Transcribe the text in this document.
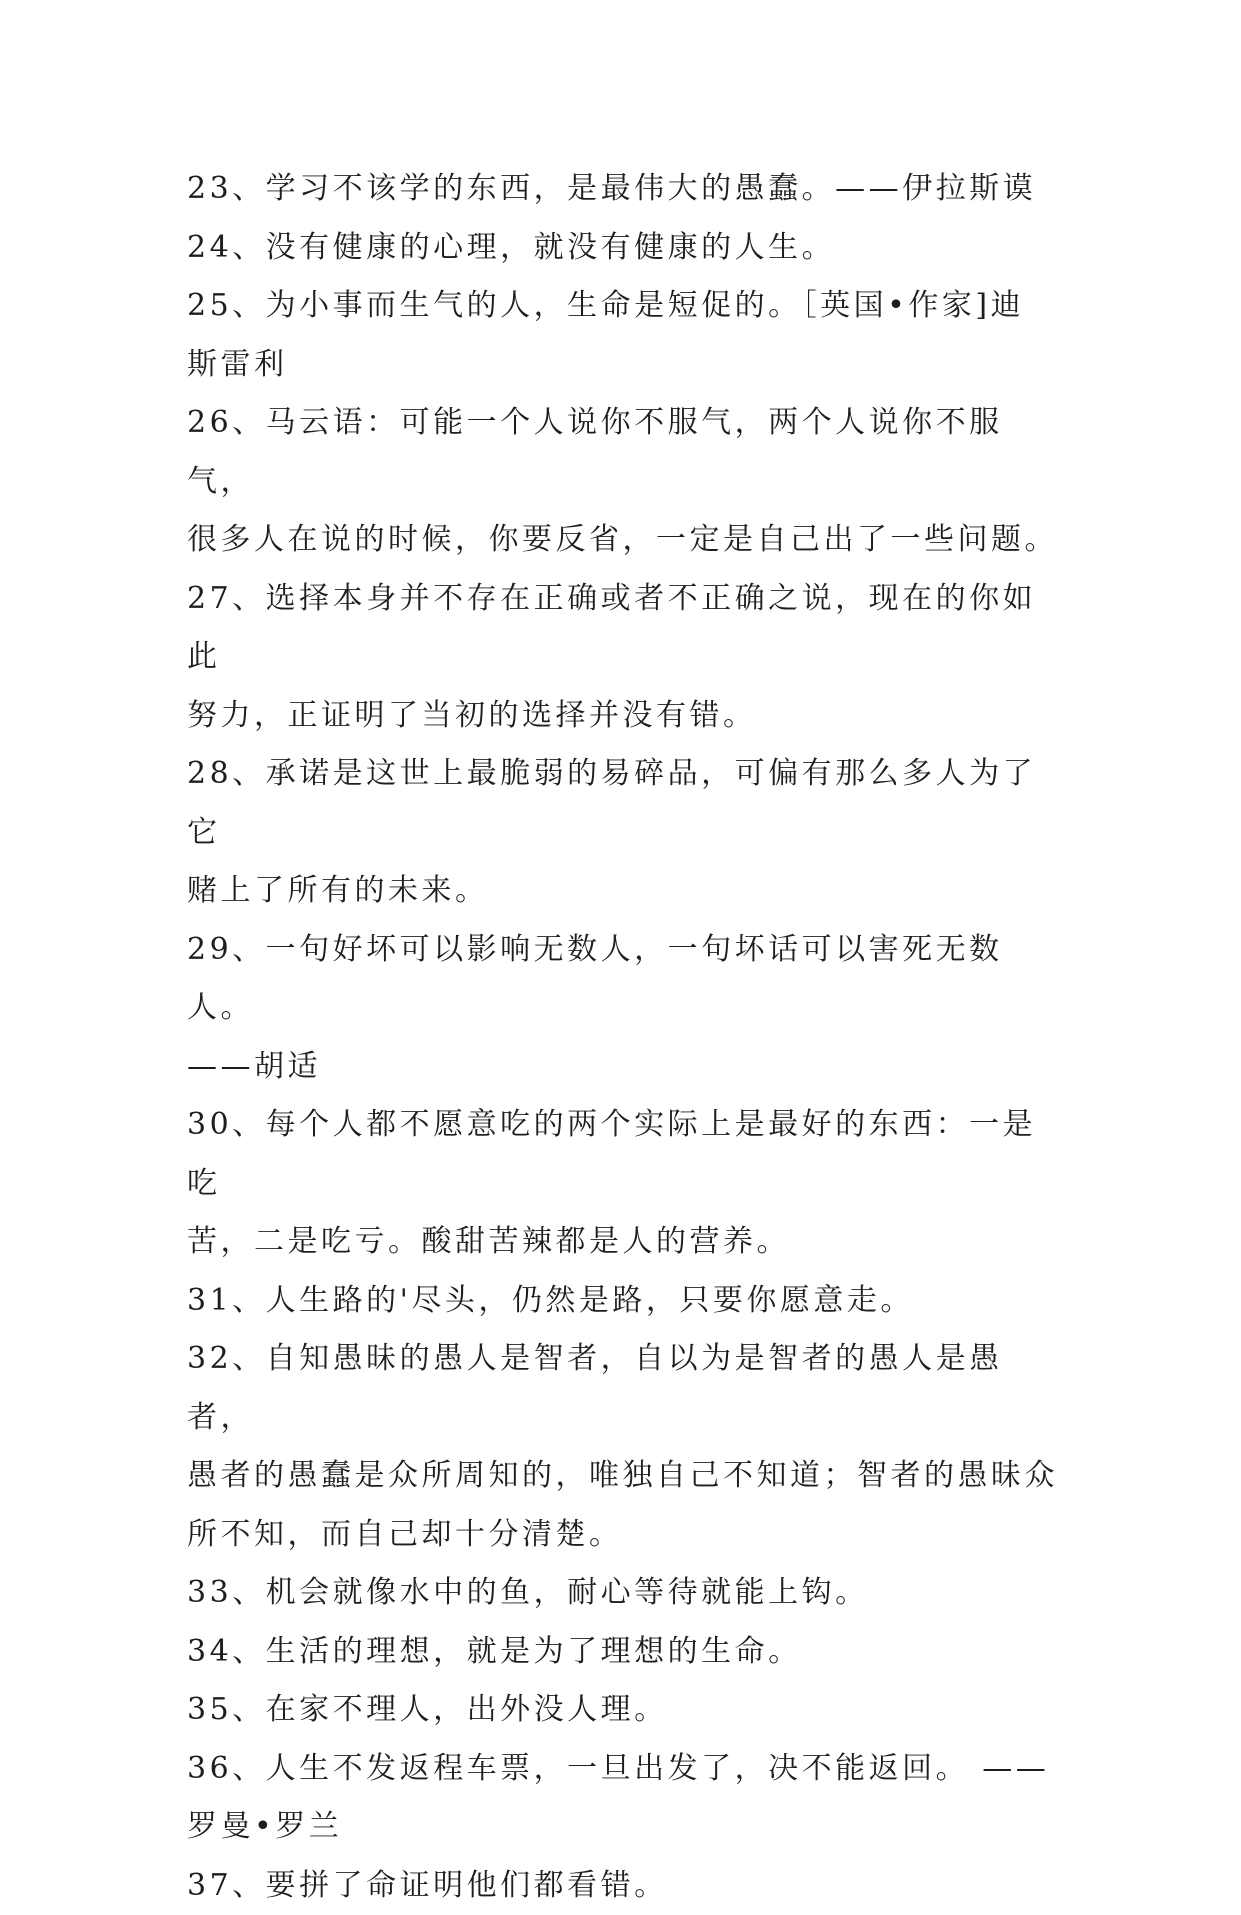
23、学习不该学的东西，是最伟大的愚蠢。——伊拉斯谟

24、没有健康的心理，就没有健康的人生。

25、为小事而生气的人，生命是短促的。［英国•作家]迪

斯雷利

26、马云语：可能一个人说你不服气，两个人说你不服气，

很多人在说的时候，你要反省，一定是自己出了一些问题。

27、选择本身并不存在正确或者不正确之说，现在的你如此

努力，正证明了当初的选择并没有错。

28、承诺是这世上最脆弱的易碎品，可偏有那么多人为了它

赌上了所有的未来。

29、一句好坏可以影响无数人，一句坏话可以害死无数人。

——胡适

30、每个人都不愿意吃的两个实际上是最好的东西：一是吃

苦，二是吃亏。酸甜苦辣都是人的营养。

31、人生路的'尽头，仍然是路，只要你愿意走。

32、自知愚昧的愚人是智者，自以为是智者的愚人是愚者，

愚者的愚蠢是众所周知的，唯独自己不知道；智者的愚昧众

所不知，而自己却十分清楚。

33、机会就像水中的鱼，耐心等待就能上钩。

34、生活的理想，就是为了理想的生命。

35、在家不理人，出外没人理。

36、人生不发返程车票，一旦出发了，决不能返回。 ——

罗曼•罗兰

37、要拼了命证明他们都看错。
